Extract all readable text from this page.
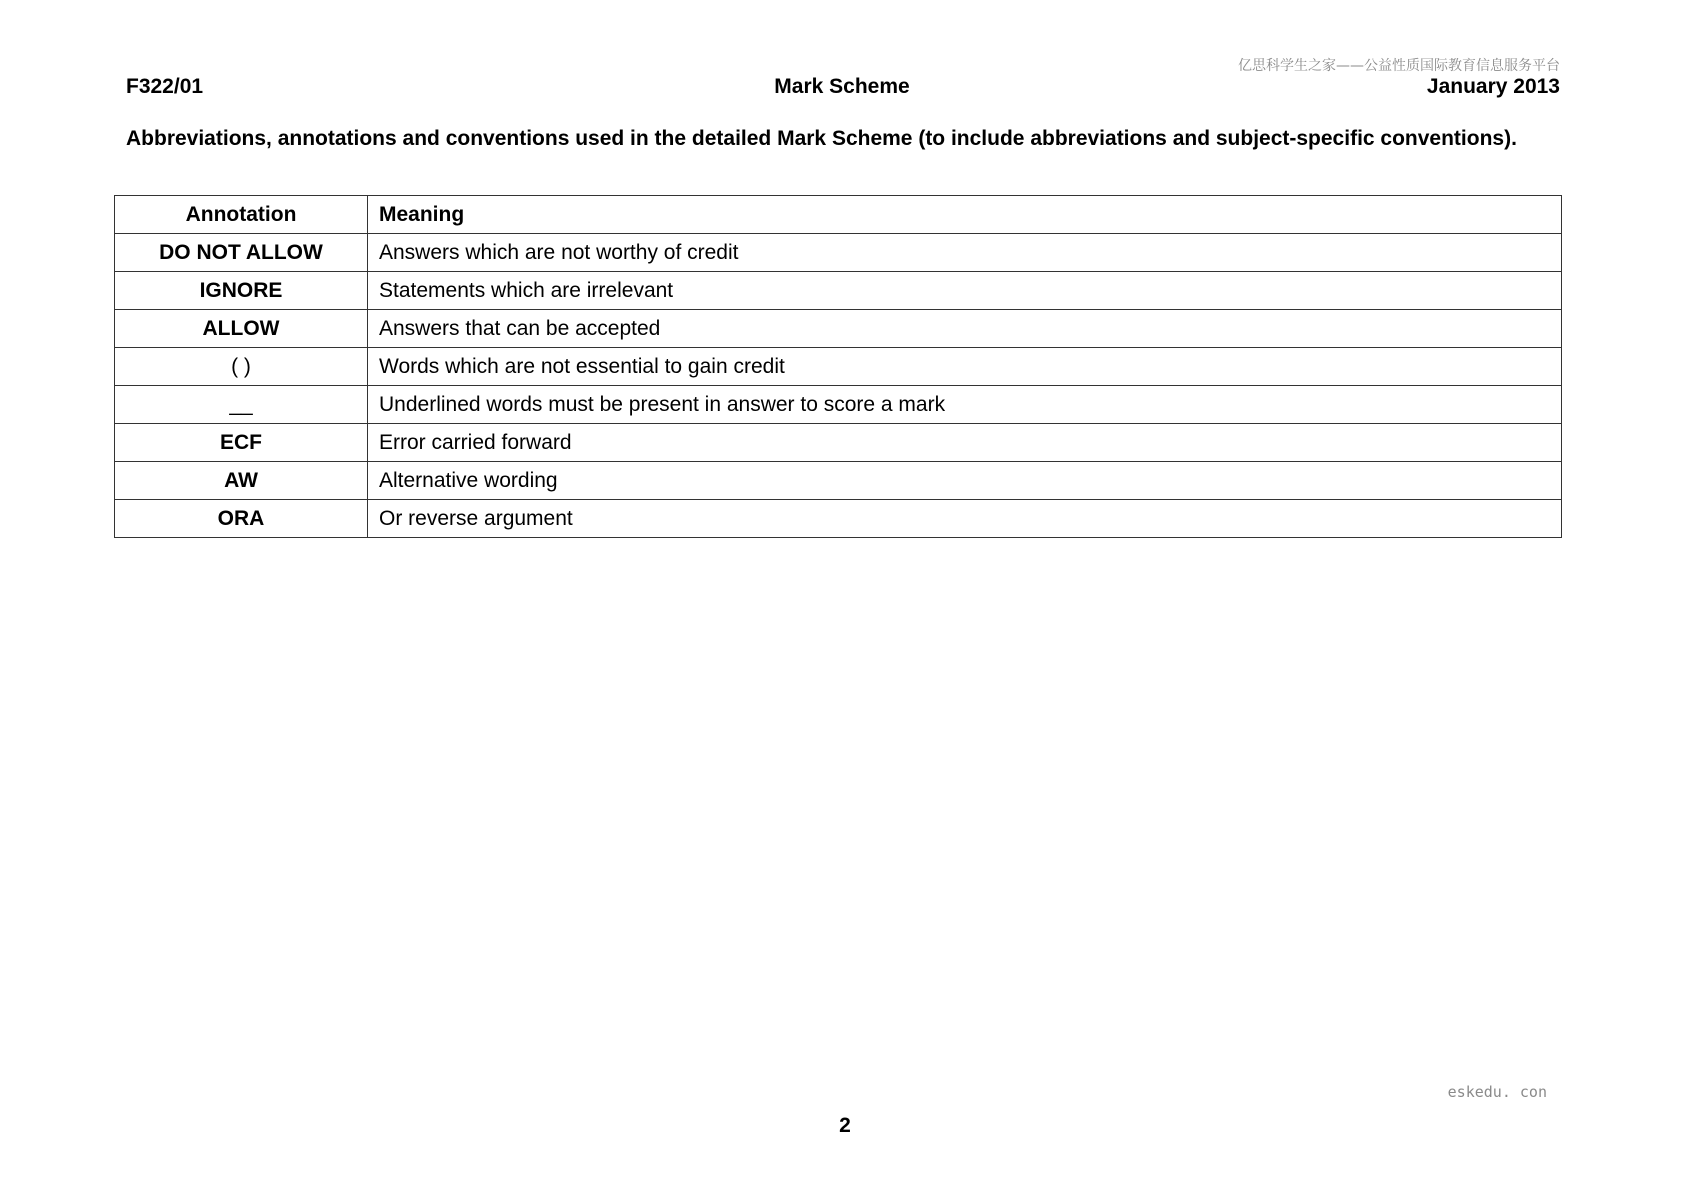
亿思科学生之家——公益性质国际教育信息服务平台
F322/01	Mark Scheme	January 2013
Abbreviations, annotations and conventions used in the detailed Mark Scheme (to include abbreviations and subject-specific conventions).
Annotation	Meaning
DO NOT ALLOW	Answers which are not worthy of credit
IGNORE	Statements which are irrelevant
ALLOW	Answers that can be accepted
( )	Words which are not essential to gain credit
__	Underlined words must be present in answer to score a mark
ECF	Error carried forward
AW	Alternative wording
ORA	Or reverse argument
eskedu. con
2
